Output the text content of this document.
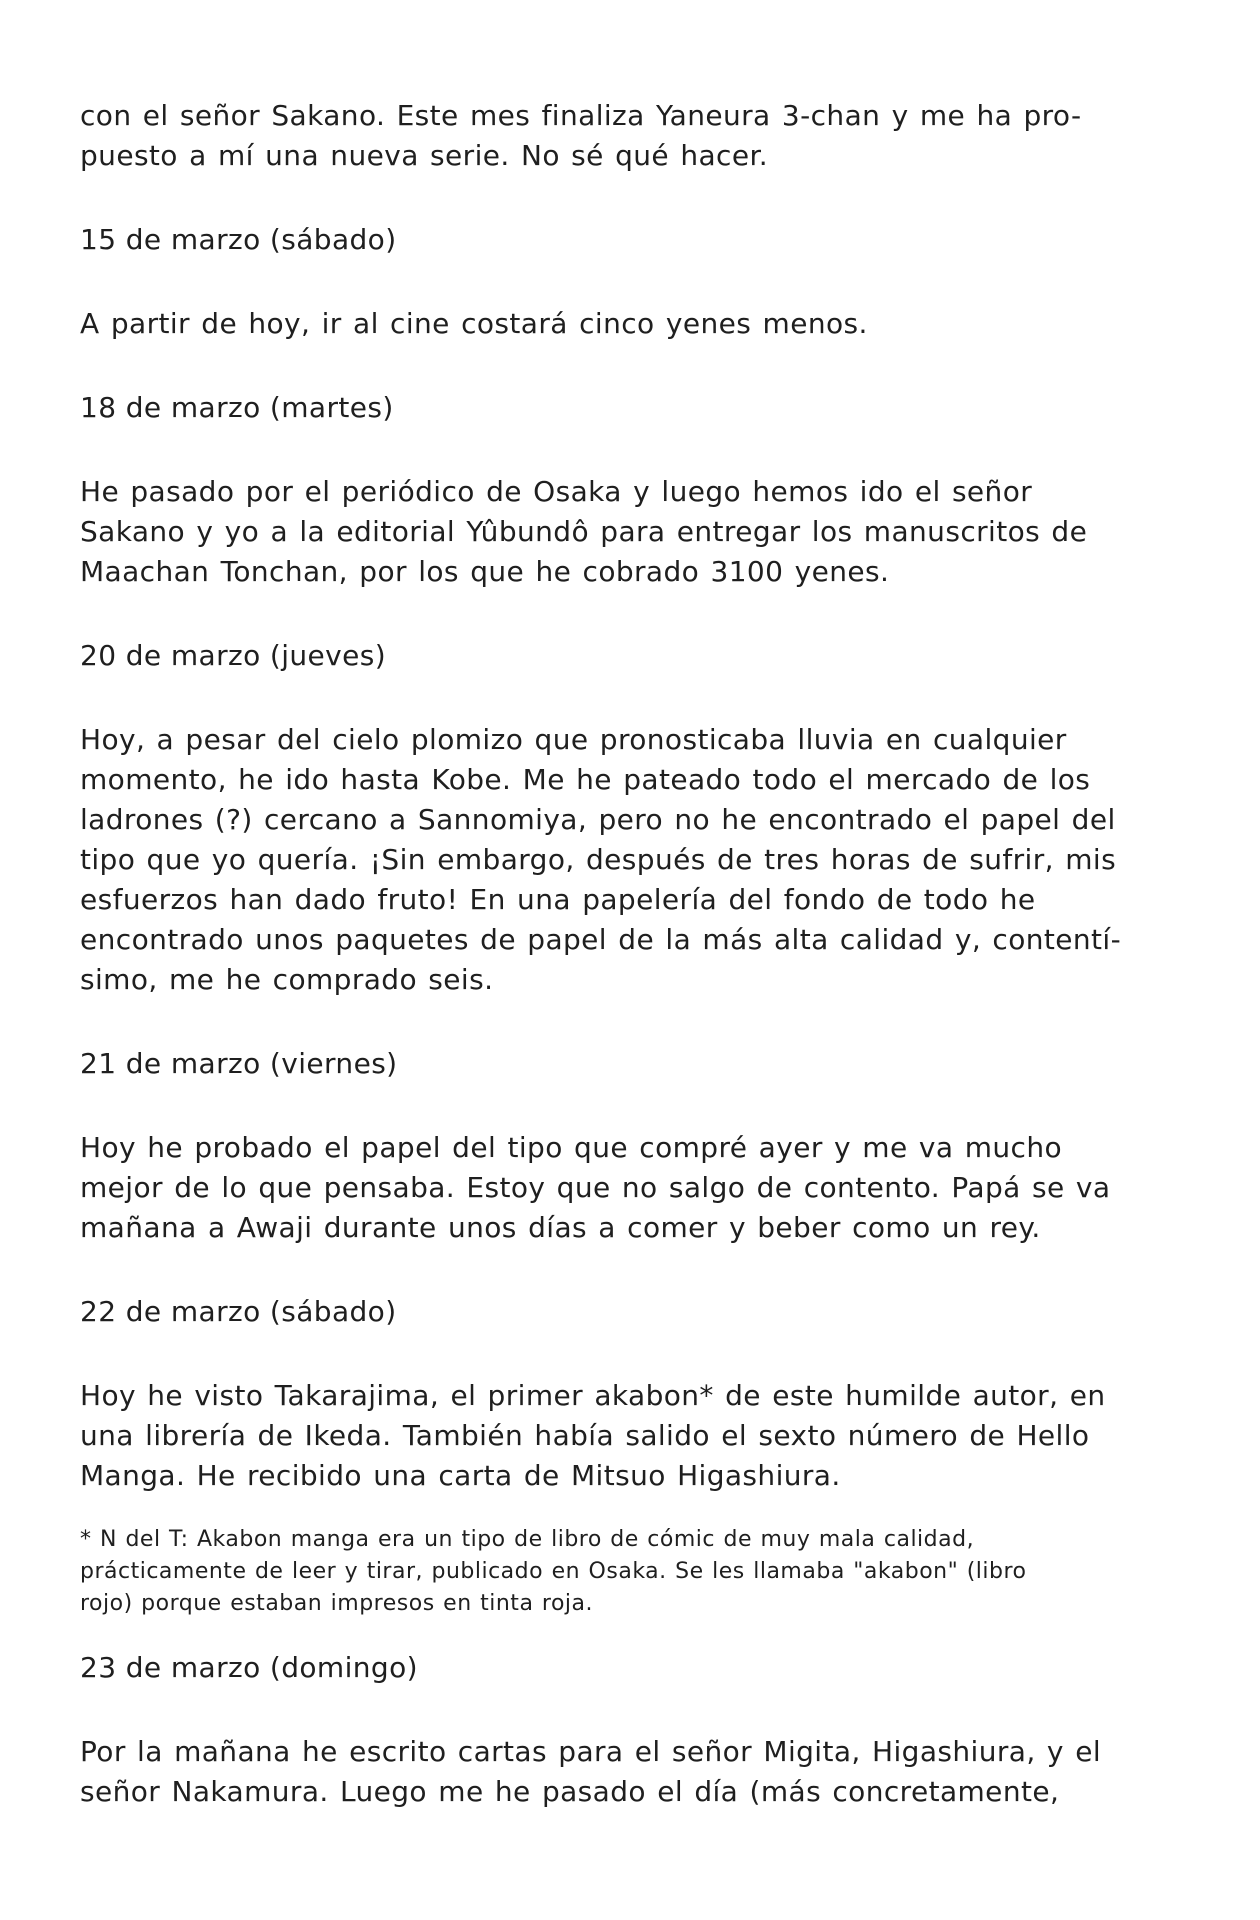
con el señor Sakano. Este mes finaliza Yaneura 3-chan y me ha pro-
puesto a mí una nueva serie. No sé qué hacer.

15 de marzo (sábado)

A partir de hoy, ir al cine costará cinco yenes menos.

18 de marzo (martes)

He pasado por el periódico de Osaka y luego hemos ido el señor
Sakano y yo a la editorial Yûbundô para entregar los manuscritos de
Maachan Tonchan, por los que he cobrado 3100 yenes.

20 de marzo (jueves)

Hoy, a pesar del cielo plomizo que pronosticaba lluvia en cualquier
momento, he ido hasta Kobe. Me he pateado todo el mercado de los
ladrones (?) cercano a Sannomiya, pero no he encontrado el papel del
tipo que yo quería. ¡Sin embargo, después de tres horas de sufrir, mis
esfuerzos han dado fruto! En una papelería del fondo de todo he
encontrado unos paquetes de papel de la más alta calidad y, contentí-
simo, me he comprado seis.

21 de marzo (viernes)

Hoy he probado el papel del tipo que compré ayer y me va mucho
mejor de lo que pensaba. Estoy que no salgo de contento. Papá se va
mañana a Awaji durante unos días a comer y beber como un rey.

22 de marzo (sábado)

Hoy he visto Takarajima, el primer akabon* de este humilde autor, en
una librería de Ikeda. También había salido el sexto número de Hello
Manga. He recibido una carta de Mitsuo Higashiura.

* N del T: Akabon manga era un tipo de libro de cómic de muy mala calidad,
prácticamente de leer y tirar, publicado en Osaka. Se les llamaba "akabon" (libro
rojo) porque estaban impresos en tinta roja.

23 de marzo (domingo)

Por la mañana he escrito cartas para el señor Migita, Higashiura, y el
señor Nakamura. Luego me he pasado el día (más concretamente,
